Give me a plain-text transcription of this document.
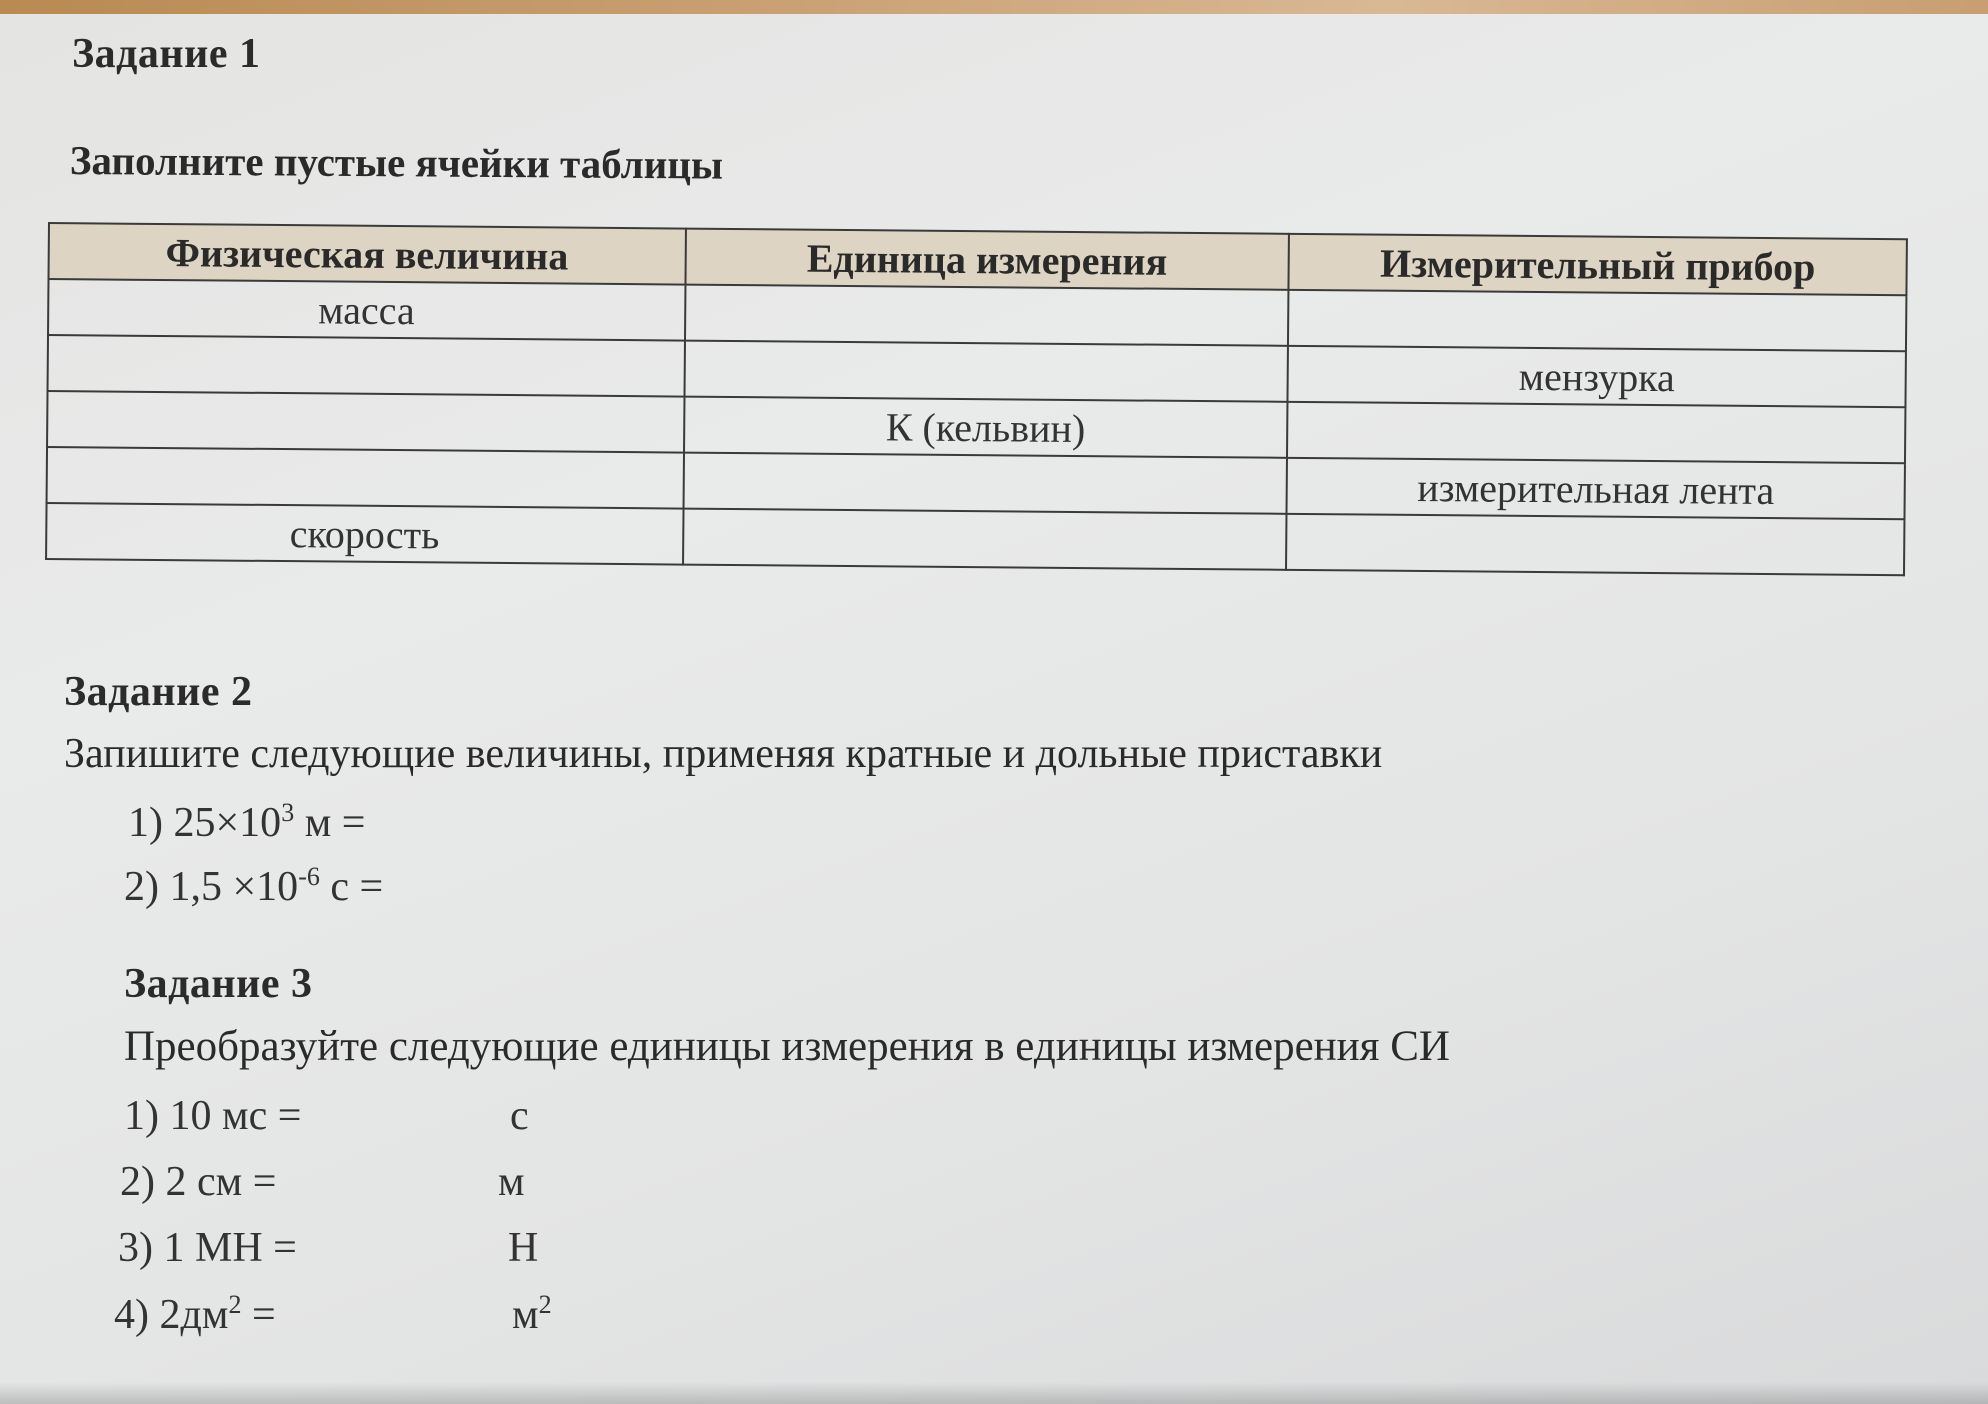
Задание 1
Заполните пустые ячейки таблицы
Физическая величина	Единица измерения	Измерительный прибор
масса		
		мензурка
	К (кельвин)	
		измерительная лента
скорость		
Задание 2
Запишите следующие величины, применяя кратные и дольные приставки
1) $25\times 10^3$ м =
2) $1,5 \times 10^{-6}$ с =
Задание 3
Преобразуйте следующие единицы измерения в единицы измерения СИ
1) 10 мс =	с
2) 2 см =	м
3) 1 МН =	Н
4) $2дм^2$ =	$м^2$
